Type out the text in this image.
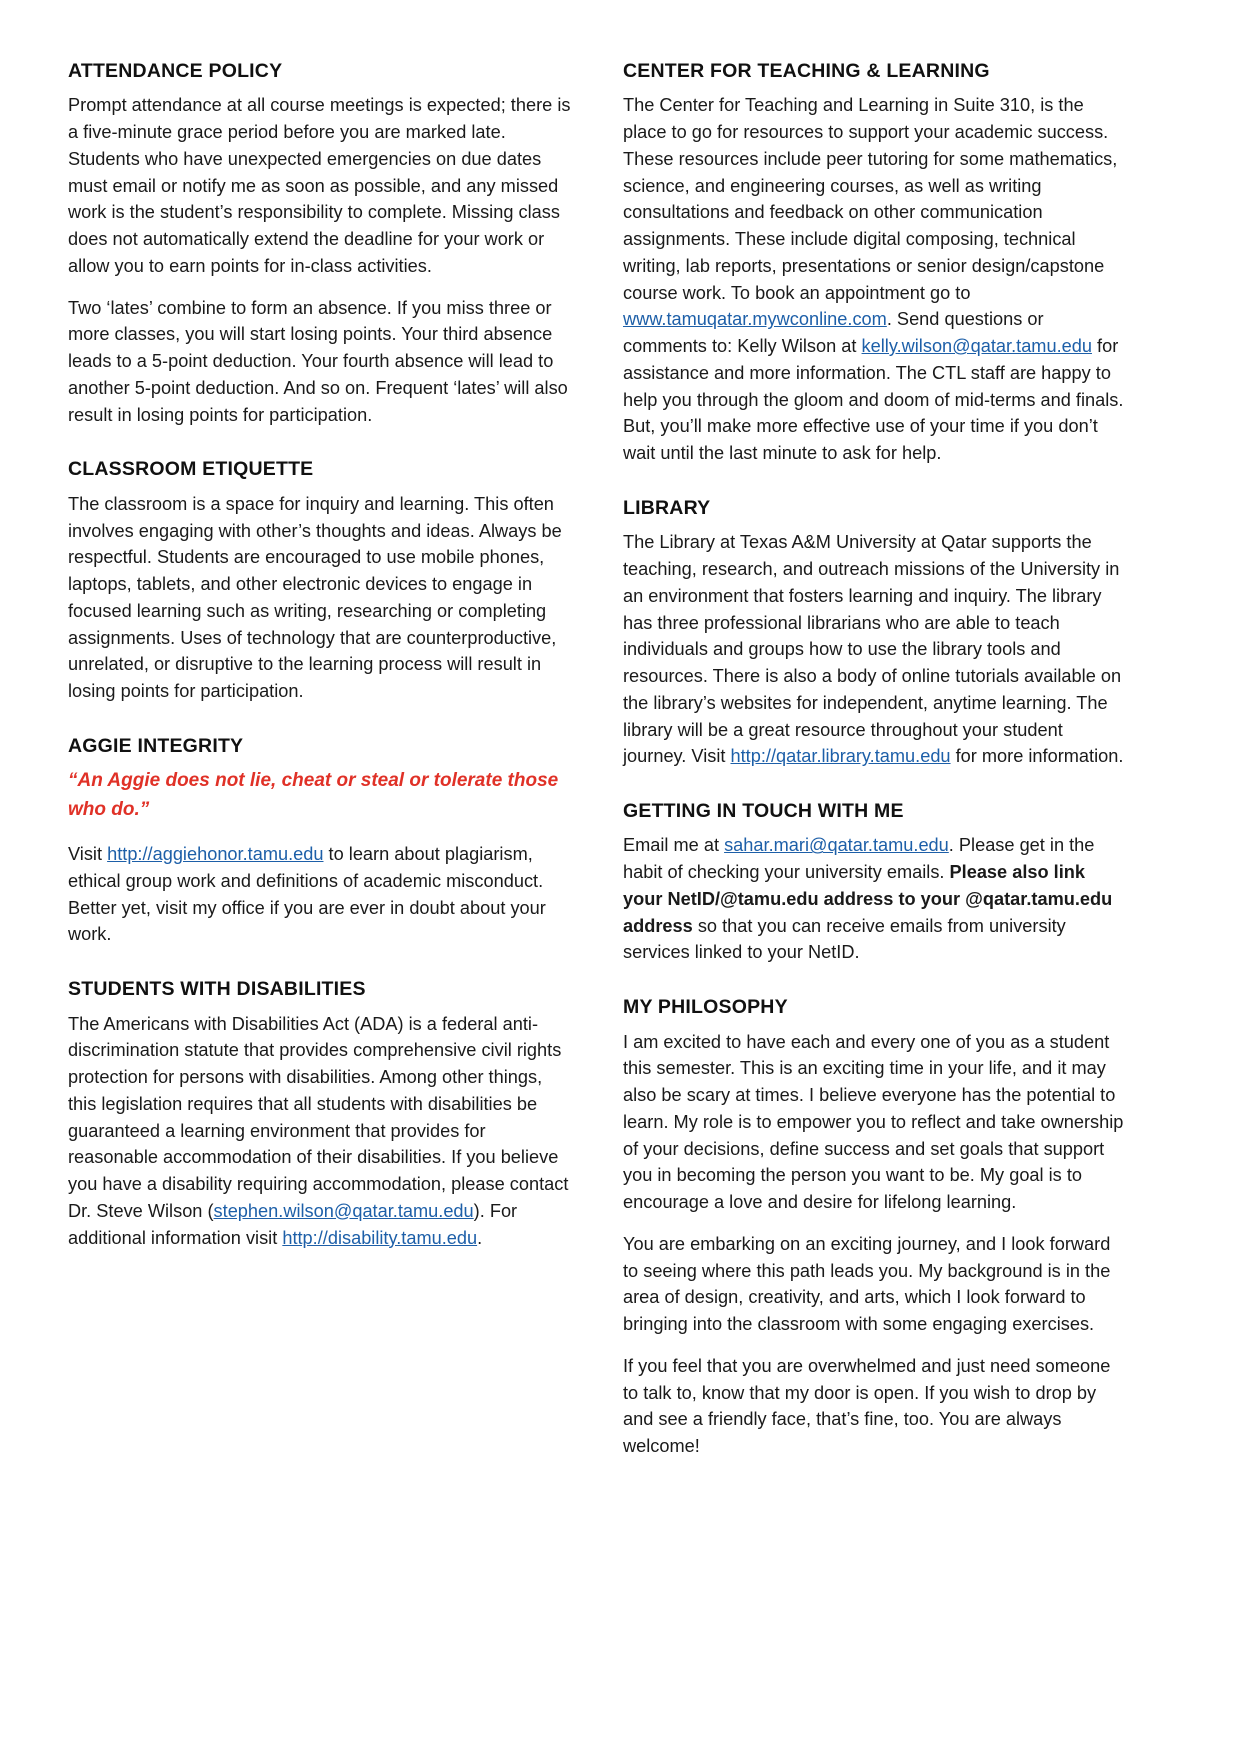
ATTENDANCE POLICY

Prompt attendance at all course meetings is expected; there is a five-minute grace period before you are marked late. Students who have unexpected emergencies on due dates must email or notify me as soon as possible, and any missed work is the student’s responsibility to complete. Missing class does not automatically extend the deadline for your work or allow you to earn points for in-class activities.

Two ‘lates’ combine to form an absence. If you miss three or more classes, you will start losing points. Your third absence leads to a 5-point deduction. Your fourth absence will lead to another 5-point deduction. And so on. Frequent ‘lates’ will also result in losing points for participation.

CLASSROOM ETIQUETTE

The classroom is a space for inquiry and learning. This often involves engaging with other’s thoughts and ideas. Always be respectful. Students are encouraged to use mobile phones, laptops, tablets, and other electronic devices to engage in focused learning such as writing, researching or completing assignments. Uses of technology that are counterproductive, unrelated, or disruptive to the learning process will result in losing points for participation.

AGGIE INTEGRITY

“An Aggie does not lie, cheat or steal or tolerate those who do.”

Visit http://aggiehonor.tamu.edu to learn about plagiarism, ethical group work and definitions of academic misconduct. Better yet, visit my office if you are ever in doubt about your work.

STUDENTS WITH DISABILITIES

The Americans with Disabilities Act (ADA) is a federal anti-discrimination statute that provides comprehensive civil rights protection for persons with disabilities. Among other things, this legislation requires that all students with disabilities be guaranteed a learning environment that provides for reasonable accommodation of their disabilities. If you believe you have a disability requiring accommodation, please contact Dr. Steve Wilson (stephen.wilson@qatar.tamu.edu). For additional information visit http://disability.tamu.edu.

CENTER FOR TEACHING & LEARNING

The Center for Teaching and Learning in Suite 310, is the place to go for resources to support your academic success. These resources include peer tutoring for some mathematics, science, and engineering courses, as well as writing consultations and feedback on other communication assignments. These include digital composing, technical writing, lab reports, presentations or senior design/capstone course work. To book an appointment go to www.tamuqatar.mywconline.com. Send questions or comments to: Kelly Wilson at kelly.wilson@qatar.tamu.edu for assistance and more information. The CTL staff are happy to help you through the gloom and doom of mid-terms and finals. But, you’ll make more effective use of your time if you don’t wait until the last minute to ask for help.

LIBRARY

The Library at Texas A&M University at Qatar supports the teaching, research, and outreach missions of the University in an environment that fosters learning and inquiry. The library has three professional librarians who are able to teach individuals and groups how to use the library tools and resources. There is also a body of online tutorials available on the library’s websites for independent, anytime learning. The library will be a great resource throughout your student journey. Visit http://qatar.library.tamu.edu for more information.

GETTING IN TOUCH WITH ME

Email me at sahar.mari@qatar.tamu.edu. Please get in the habit of checking your university emails. Please also link your NetID/@tamu.edu address to your @qatar.tamu.edu address so that you can receive emails from university services linked to your NetID.

MY PHILOSOPHY

I am excited to have each and every one of you as a student this semester. This is an exciting time in your life, and it may also be scary at times. I believe everyone has the potential to learn. My role is to empower you to reflect and take ownership of your decisions, define success and set goals that support you in becoming the person you want to be. My goal is to encourage a love and desire for lifelong learning.

You are embarking on an exciting journey, and I look forward to seeing where this path leads you. My background is in the area of design, creativity, and arts, which I look forward to bringing into the classroom with some engaging exercises.

If you feel that you are overwhelmed and just need someone to talk to, know that my door is open. If you wish to drop by and see a friendly face, that’s fine, too. You are always welcome!
